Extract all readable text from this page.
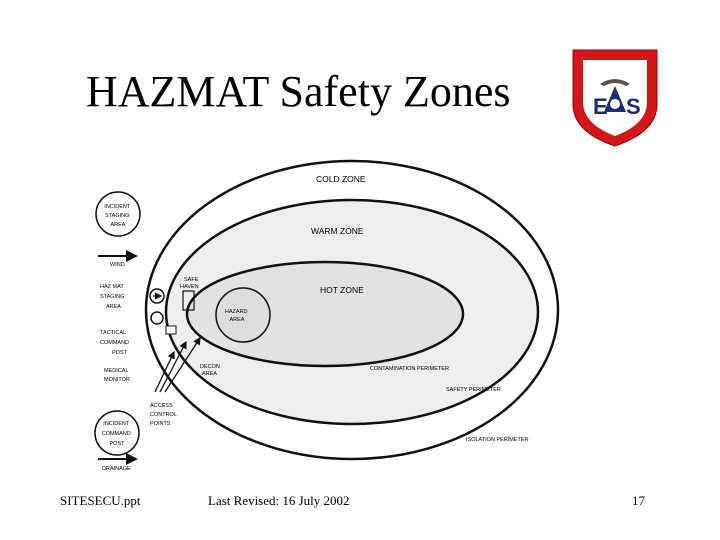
HAZMAT Safety Zones	E S
COLD ZONE
WARM ZONE
HOT ZONE
HAZARD AREA
SAFE HAVEN
DECON AREA
CONTAMINATION PERIMETER
SAFETY PERIMETER
ISOLATION PERIMETER
INCIDENT STAGING AREA
WIND
HAZ MAT STAGING AREA
TACTICAL COMMAND POST
MEDICAL MONITOR
ACCESS CONTROL POINTS
INCIDENT COMMAND POST
DRAINAGE
SITESECU.ppt	Last Revised: 16 July 2002	17
